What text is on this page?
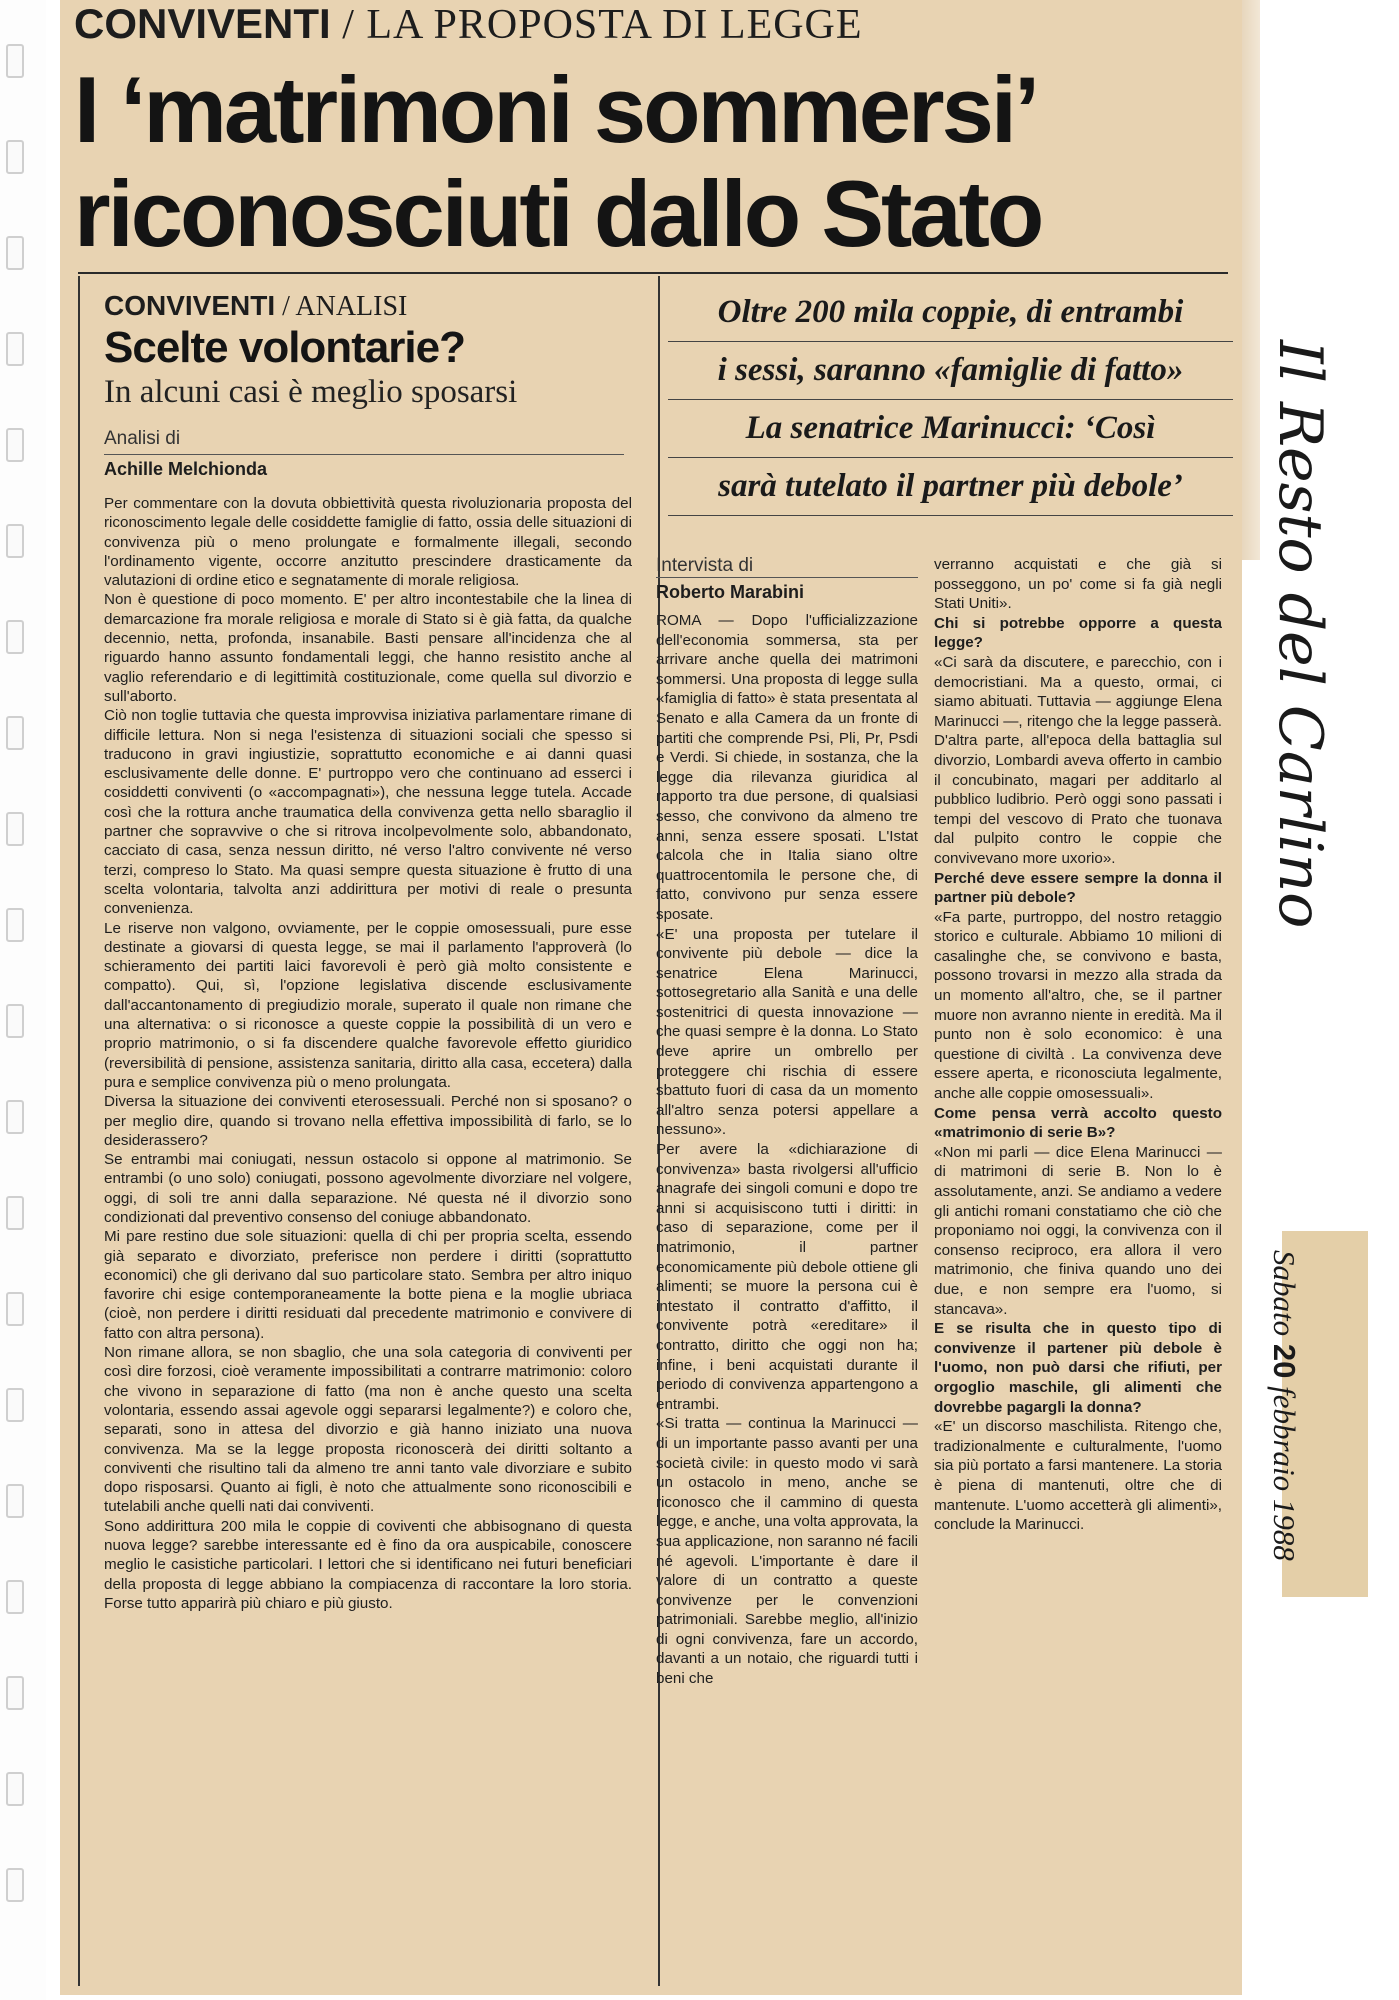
CONVIVENTI / LA PROPOSTA DI LEGGE
I ‘matrimoni sommersi’ riconosciuti dallo Stato
CONVIVENTI / ANALISI
Scelte volontarie?
In alcuni casi è meglio sposarsi
Analisi di
Achille Melchionda

Per commentare con la dovuta obbiettività questa rivoluzionaria proposta del riconoscimento legale delle cosiddette famiglie di fatto, ossia delle situazioni di convivenza più o meno prolungate e formalmente illegali, secondo l'ordinamento vigente, occorre anzitutto prescindere drasticamente da valutazioni di ordine etico e segnatamente di morale religiosa.

Non è questione di poco momento. E' per altro incontestabile che la linea di demarcazione fra morale religiosa e morale di Stato si è già fatta, da qualche decennio, netta, profonda, insanabile. Basti pensare all'incidenza che al riguardo hanno assunto fondamentali leggi, che hanno resistito anche al vaglio referendario e di legittimità costituzionale, come quella sul divorzio e sull'aborto.

Ciò non toglie tuttavia che questa improvvisa iniziativa parlamentare rimane di difficile lettura. Non si nega l'esistenza di situazioni sociali che spesso si traducono in gravi ingiustizie, soprattutto economiche e ai danni quasi esclusivamente delle donne. E' purtroppo vero che continuano ad esserci i cosiddetti conviventi (o «accompagnati»), che nessuna legge tutela. Accade così che la rottura anche traumatica della convivenza getta nello sbaraglio il partner che sopravvive o che si ritrova incolpevolmente solo, abbandonato, cacciato di casa, senza nessun diritto, né verso l'altro convivente né verso terzi, compreso lo Stato. Ma quasi sempre questa situazione è frutto di una scelta volontaria, talvolta anzi addirittura per motivi di reale o presunta convenienza.

Le riserve non valgono, ovviamente, per le coppie omosessuali, pure esse destinate a giovarsi di questa legge, se mai il parlamento l'approverà (lo schieramento dei partiti laici favorevoli è però già molto consistente e compatto). Qui, sì, l'opzione legislativa discende esclusivamente dall'accantonamento di pregiudizio morale, superato il quale non rimane che una alternativa: o si riconosce a queste coppie la possibilità di un vero e proprio matrimonio, o si fa discendere qualche favorevole effetto giuridico (reversibilità di pensione, assistenza sanitaria, diritto alla casa, eccetera) dalla pura e semplice convivenza più o meno prolungata.

Diversa la situazione dei conviventi eterosessuali. Perché non si sposano? o per meglio dire, quando si trovano nella effettiva impossibilità di farlo, se lo desiderassero?

Se entrambi mai coniugati, nessun ostacolo si oppone al matrimonio. Se entrambi (o uno solo) coniugati, possono agevolmente divorziare nel volgere, oggi, di soli tre anni dalla separazione. Né questa né il divorzio sono condizionati dal preventivo consenso del coniuge abbandonato.

Mi pare restino due sole situazioni: quella di chi per propria scelta, essendo già separato e divorziato, preferisce non perdere i diritti (soprattutto economici) che gli derivano dal suo particolare stato. Sembra per altro iniquo favorire chi esige contemporaneamente la botte piena e la moglie ubriaca (cioè, non perdere i diritti residuati dal precedente matrimonio e convivere di fatto con altra persona).

Non rimane allora, se non sbaglio, che una sola categoria di conviventi per così dire forzosi, cioè veramente impossibilitati a contrarre matrimonio: coloro che vivono in separazione di fatto (ma non è anche questo una scelta volontaria, essendo assai agevole oggi separarsi legalmente?) e coloro che, separati, sono in attesa del divorzio e già hanno iniziato una nuova convivenza. Ma se la legge proposta riconoscerà dei diritti soltanto a conviventi che risultino tali da almeno tre anni tanto vale divorziare e subito dopo risposarsi. Quanto ai figli, è noto che attualmente sono riconoscibili e tutelabili anche quelli nati dai conviventi.

Sono addirittura 200 mila le coppie di coviventi che abbisognano di questa nuova legge? sarebbe interessante ed è fino da ora auspicabile, conoscere meglio le casistiche particolari. I lettori che si identificano nei futuri beneficiari della proposta di legge abbiano la compiacenza di raccontare la loro storia. Forse tutto apparirà più chiaro e più giusto.

Oltre 200 mila coppie, di entrambi
i sessi, saranno «famiglie di fatto»
La senatrice Marinucci: ‘Così
sarà tutelato il partner più debole’
Intervista di
Roberto Marabini

ROMA — Dopo l'ufficializzazione dell'economia sommersa, sta per arrivare anche quella dei matrimoni sommersi. Una proposta di legge sulla «famiglia di fatto» è stata presentata al Senato e alla Camera da un fronte di partiti che comprende Psi, Pli, Pr, Psdi e Verdi. Si chiede, in sostanza, che la legge dia rilevanza giuridica al rapporto tra due persone, di qualsiasi sesso, che convivono da almeno tre anni, senza essere sposati. L'Istat calcola che in Italia siano oltre quattrocentomila le persone che, di fatto, convivono pur senza essere sposate.

«E' una proposta per tutelare il convivente più debole — dice la senatrice Elena Marinucci, sottosegretario alla Sanità e una delle sostenitrici di questa innovazione — che quasi sempre è la donna. Lo Stato deve aprire un ombrello per proteggere chi rischia di essere sbattuto fuori di casa da un momento all'altro senza potersi appellare a nessuno».

Per avere la «dichiarazione di convivenza» basta rivolgersi all'ufficio anagrafe dei singoli comuni e dopo tre anni si acquisiscono tutti i diritti: in caso di separazione, come per il matrimonio, il partner economicamente più debole ottiene gli alimenti; se muore la persona cui è intestato il contratto d'affitto, il convivente potrà «ereditare» il contratto, diritto che oggi non ha; infine, i beni acquistati durante il periodo di convivenza appartengono a entrambi.

«Si tratta — continua la Marinucci — di un importante passo avanti per una società civile: in questo modo vi sarà un ostacolo in meno, anche se riconosco che il cammino di questa legge, e anche, una volta approvata, la sua applicazione, non saranno né facili né agevoli. L'importante è dare il valore di un contratto a queste convivenze per le convenzioni patrimoniali. Sarebbe meglio, all'inizio di ogni convivenza, fare un accordo, davanti a un notaio, che riguardi tutti i beni che

verranno acquistati e che già si posseggono, un po' come si fa già negli Stati Uniti».

Chi si potrebbe opporre a questa legge?

«Ci sarà da discutere, e parecchio, con i democristiani. Ma a questo, ormai, ci siamo abituati. Tuttavia — aggiunge Elena Marinucci —, ritengo che la legge passerà. D'altra parte, all'epoca della battaglia sul divorzio, Lombardi aveva offerto in cambio il concubinato, magari per additarlo al pubblico ludibrio. Però oggi sono passati i tempi del vescovo di Prato che tuonava dal pulpito contro le coppie che convivevano more uxorio».

Perché deve essere sempre la donna il partner più debole?

«Fa parte, purtroppo, del nostro retaggio storico e culturale. Abbiamo 10 milioni di casalinghe che, se convivono e basta, possono trovarsi in mezzo alla strada da un momento all'altro, che, se il partner muore non avranno niente in eredità. Ma il punto non è solo economico: è una questione di civiltà . La convivenza deve essere aperta, e riconosciuta legalmente, anche alle coppie omosessuali».

Come pensa verrà accolto questo «matrimonio di serie B»?

«Non mi parli — dice Elena Marinucci — di matrimoni di serie B. Non lo è assolutamente, anzi. Se andiamo a vedere gli antichi romani constatiamo che ciò che proponiamo noi oggi, la convivenza con il consenso reciproco, era allora il vero matrimonio, che finiva quando uno dei due, e non sempre era l'uomo, si stancava».

E se risulta che in questo tipo di convivenze il partener più debole è l'uomo, non può darsi che rifiuti, per orgoglio maschile, gli alimenti che dovrebbe pagargli la donna?

«E' un discorso maschilista. Ritengo che, tradizionalmente e culturalmente, l'uomo sia più portato a farsi mantenere. La storia è piena di mantenuti, oltre che di mantenute. L'uomo accetterà gli alimenti», conclude la Marinucci.

Il Resto del Carlino
Sabato 20 febbraio 1988
